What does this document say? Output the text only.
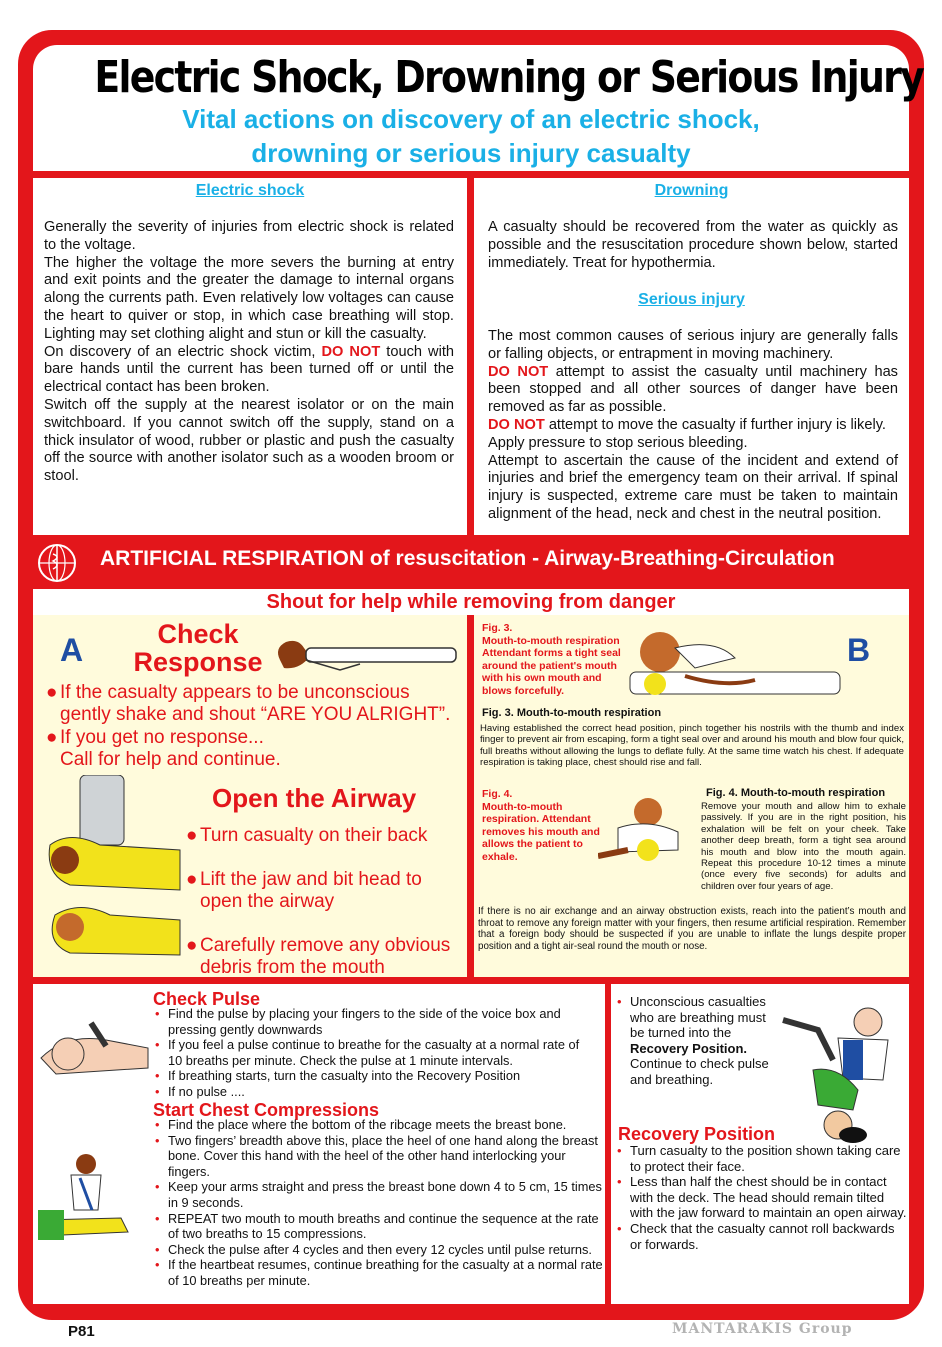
Electric Shock, Drowning or Serious Injury
Vital actions on discovery of an electric shock,
drowning or serious injury casualty
Electric shock
Generally the severity of injuries from electric shock is related to the voltage.
The higher the voltage the more severs the burning at entry and exit points and the greater the damage to internal organs along the currents path. Even relatively low voltages can cause the heart to quiver or stop, in which case breathing will stop. Lighting may set clothing alight and stun or kill the casualty.
On discovery of an electric shock victim, DO NOT touch with bare hands until the current has been turned off or until the electrical contact has been broken.
Switch off the supply at the nearest isolator or on the main switchboard. If you cannot switch off the supply, stand on a thick insulator of wood, rubber or plastic and push the casualty off the source with another isolator such as a wooden broom or stool.
Drowning
A casualty should be recovered from the water as quickly as possible and the resuscitation procedure shown below, started immediately. Treat for hypothermia.
Serious injury
The most common causes of serious injury are generally falls or falling objects, or entrapment in moving machinery.
DO NOT attempt to assist the casualty until machinery has been stopped and all other sources of danger have been removed as far as possible.
DO NOT attempt to move the casualty if further injury is likely.
Apply pressure to stop serious bleeding.
Attempt to ascertain the cause of the incident and extend of injuries and brief the emergency team on their arrival. If spinal injury is suspected, extreme care must be taken to maintain alignment of the head, neck and chest in the neutral position.
ARTIFICIAL RESPIRATION of resuscitation - Airway-Breathing-Circulation
Shout for help while removing from danger
A	Check
Response
● If the casualty appears to be unconscious gently shake and shout “ARE YOU ALRIGHT”.
● If you get no response...
Call for help and continue.
Open the Airway
● Turn casualty on their back
● Lift the jaw and bit head to open the airway
● Carefully remove any obvious debris from the mouth
Fig. 3.
Mouth-to-mouth respiration Attendant forms a tight seal around the patient's mouth with his own mouth and blows forcefully.
B
Fig. 3. Mouth-to-mouth respiration
Having established the correct head position, pinch together his nostrils with the thumb and index finger to prevent air from escaping, form a tight seal over and around his mouth and blow four quick, full breaths without allowing the lungs to deflate fully. At the same time watch his chest. If adequate respiration is taking place, chest should rise and fall.
Fig. 4.
Mouth-to-mouth respiration. Attendant removes his mouth and allows the patient to exhale.
Fig. 4. Mouth-to-mouth respiration
Remove your mouth and allow him to exhale passively. If you are in the right position, his exhalation will be felt on your cheek. Take another deep breath, form a tight sea around his mouth and blow into the mouth again. Repeat this procedure 10-12 times a minute (once every five seconds) for adults and children over four years of age.
If there is no air exchange and an airway obstruction exists, reach into the patient’s mouth and throat to remove any foreign matter with your fingers, then resume artificial respiration. Remember that a foreign body should be suspected if you are unable to inflate the lungs despite proper position and a tight air-seal round the mouth or nose.
Check Pulse
• Find the pulse by placing your fingers to the side of the voice box and pressing gently downwards
• If you feel a pulse continue to breathe for the casualty at a normal rate of 10 breaths per minute. Check the pulse at 1 minute intervals.
• If breathing starts, turn the casualty into the Recovery Position
• If no pulse ....
Start Chest Compressions
• Find the place where the bottom of the ribcage meets the breast bone.
• Two fingers’ breadth above this, place the heel of one hand along the breast bone. Cover this hand with the heel of the other hand interlocking your fingers.
• Keep your arms straight and press the breast bone down 4 to 5 cm, 15 times in 9 seconds.
• REPEAT two mouth to mouth breaths and continue the sequence at the rate of two breaths to 15 compressions.
• Check the pulse after 4 cycles and then every 12 cycles until pulse returns.
• If the heartbeat resumes, continue breathing for the casualty at a normal rate of 10 breaths per minute.
• Unconscious casualties who are breathing must be turned into the Recovery Position. Continue to check pulse and breathing.
Recovery Position
• Turn casualty to the position shown taking care to protect their face.
• Less than half the chest should be in contact with the deck. The head should remain tilted with the jaw forward to maintain an open airway.
• Check that the casualty cannot roll backwards or forwards.
P81	MANTARAKIS Group
